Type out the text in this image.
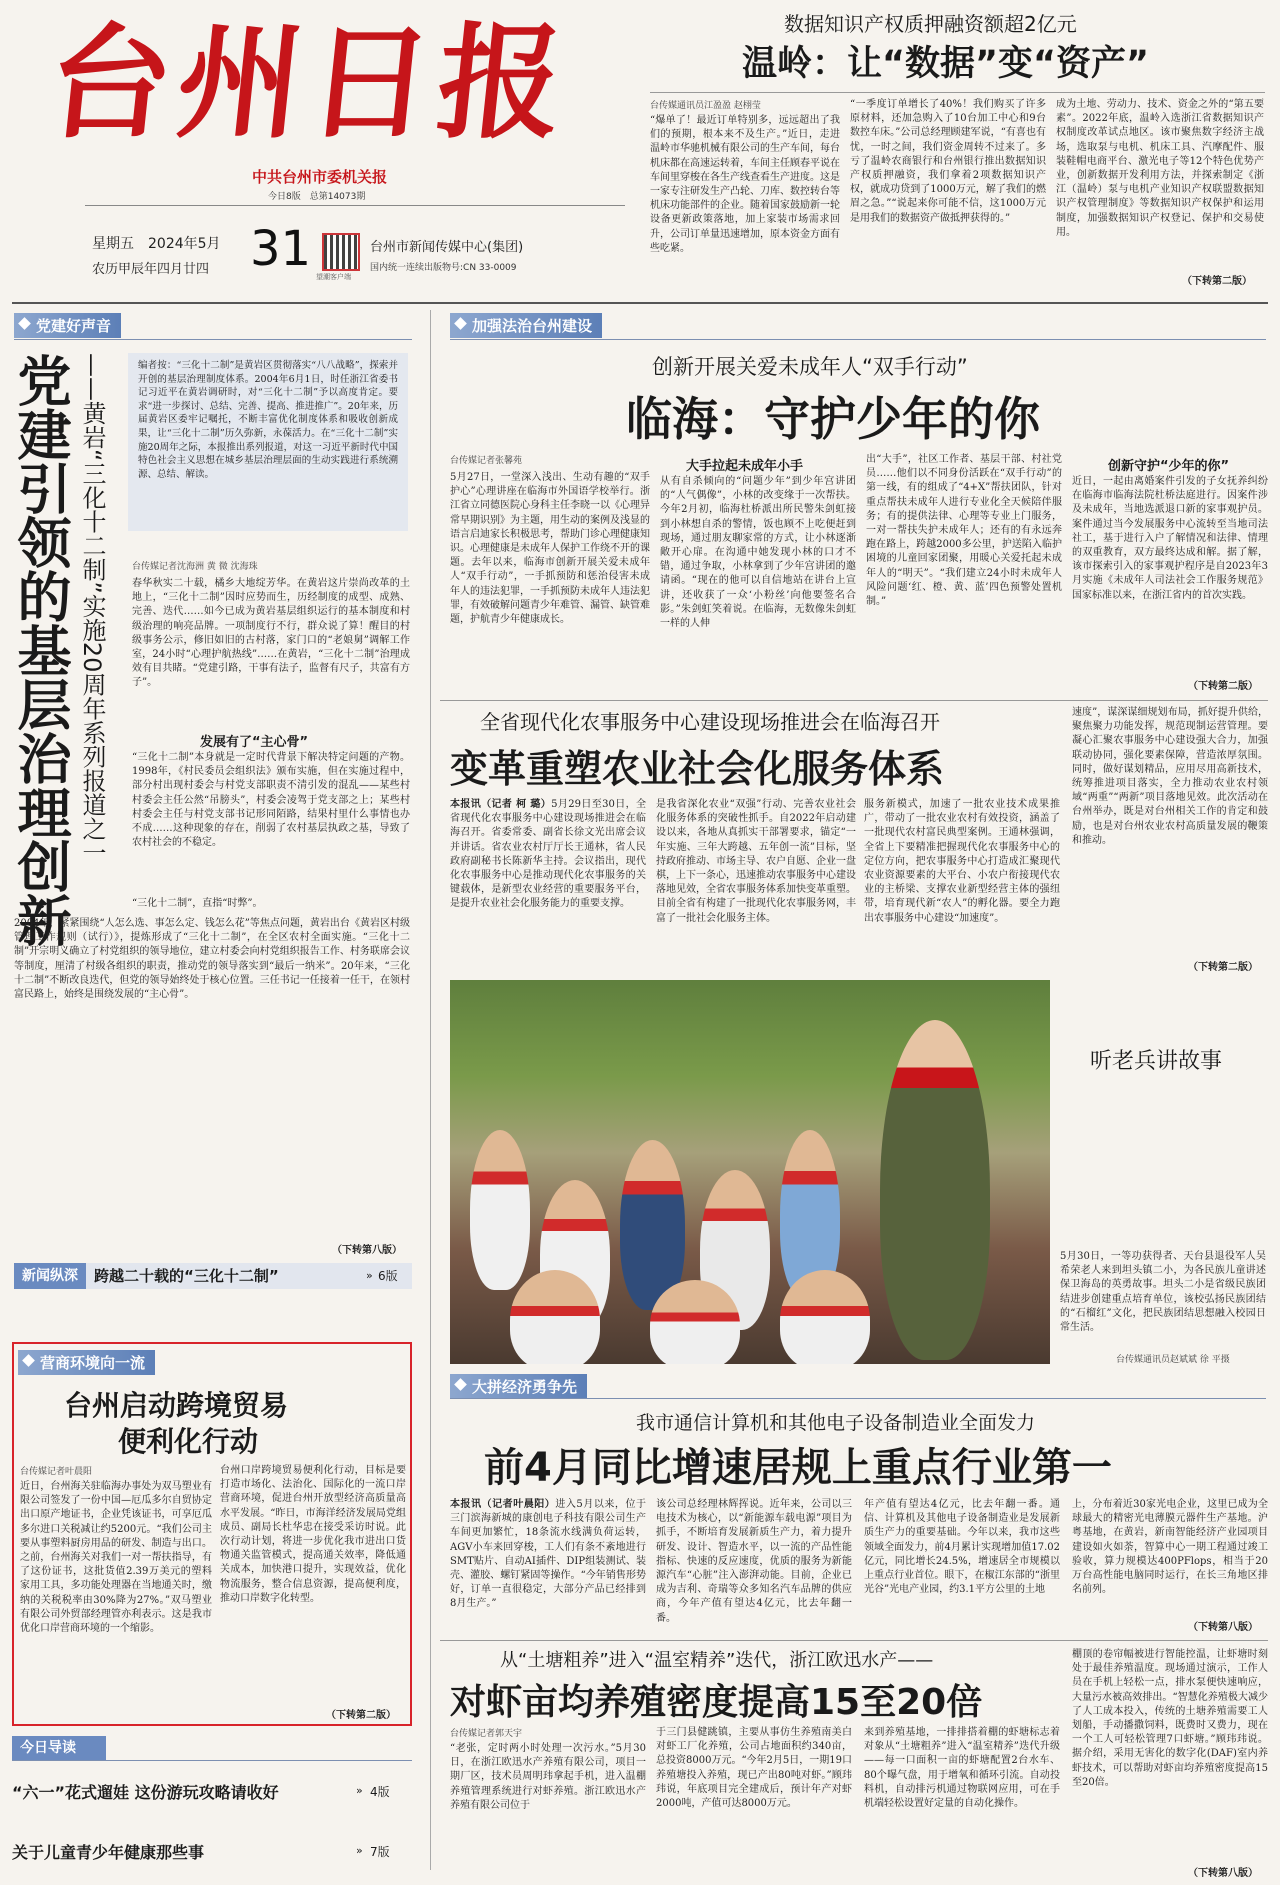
台州日报
中共台州市委机关报
今日8版　总第14073期
星期五　2024年5月
农历甲辰年四月廿四 31 望潮客户端
台州市新闻传媒中心(集团)
国内统一连续出版物号:CN 33-0009
数据知识产权质押融资额超2亿元
温岭：让“数据”变“资产”
台传媒通讯员江盈盈 赵栩莹
“爆单了！最近订单特别多，远远超出了我们的预期，根本来不及生产。”近日，走进温岭市华驰机械有限公司的生产车间，每台机床都在高速运转着，车间主任顾春平说在车间里穿梭在各生产线查看生产进度。这是一家专注研发生产凸轮、刀库、数控转台等机床功能部件的企业。随着国家鼓励新一轮设备更新政策落地，加上家装市场需求回升，公司订单量迅速增加，原本资金方面有些吃紧。
“一季度订单增长了40%！我们购买了许多原材料，还加急购入了10台加工中心和9台数控车床。”公司总经理顾建军说，“有喜也有忧，一时之间，我们资金周转不过来了。多亏了温岭农商银行和台州银行推出数据知识产权质押融资，我们拿着2项数据知识产权，就成功贷到了1000万元，解了我们的燃眉之急。”“说起来你可能不信，这1000万元是用我们的数据资产做抵押获得的。”
成为土地、劳动力、技术、资金之外的“第五要素”。2022年底，温岭入选浙江省数据知识产权制度改革试点地区。该市聚焦数字经济主战场，选取泵与电机、机床工具、汽摩配件、服装鞋帽电商平台、激光电子等12个特色优势产业，创新数据开发利用方法，并探索制定《浙江（温岭）泵与电机产业知识产权联盟数据知识产权管理制度》等数据知识产权保护和运用制度，加强数据知识产权登记、保护和交易使用。
（下转第二版）
党建好声音
党建引领的基层治理创新 ——黄岩“三化十二制”实施20周年系列报道之一	编者按：“三化十二制”是黄岩区贯彻落实“八八战略”，探索并开创的基层治理制度体系。2004年6月1日，时任浙江省委书记习近平在黄岩调研时，对“三化十二制”予以高度肯定。要求“进一步探讨、总结、完善、提高、推进推广”。20年来，历届黄岩区委牢记嘱托，不断丰富优化制度体系和吸收创新成果，让“三化十二制”历久弥新，永葆活力。在“三化十二制”实施20周年之际，本报推出系列报道，对这一习近平新时代中国特色社会主义思想在城乡基层治理层面的生动实践进行系统溯源、总结、解读。
台传媒记者沈海洲 黄 微 沈海珠
春华秋实二十载，橘乡大地绽芳华。在黄岩这片崇尚改革的土地上，“三化十二制”因时应势而生，历经制度的成型、成熟、完善、迭代……如今已成为黄岩基层组织运行的基本制度和村级治理的响亮品牌。一项制度行不行，群众说了算！醒目的村级事务公示，修旧如旧的古村落，家门口的“老娘舅”调解工作室，24小时“心理护航热线”……在黄岩，“三化十二制”治理成效有目共睹。“党建引路，干事有法子，监督有尺子，共富有方子”。
发展有了“主心骨”
“三化十二制”本身就是一定时代背景下解决特定问题的产物。1998年，《村民委员会组织法》颁布实施，但在实施过程中，部分村出现村委会与村党支部职责不清引发的混乱——某些村村委会主任公然“吊膀头”，村委会凌驾于党支部之上；某些村村委会主任与村党支部书记形同陌路，结果村里什么事情也办不成……这种现象的存在，削弱了农村基层执政之基，导致了农村社会的不稳定。
“三化十二制”，直指“时弊”。
2004年，紧紧围绕“人怎么选、事怎么定、钱怎么花”等焦点问题，黄岩出台《黄岩区村级管理工作规则（试行）》，提炼形成了“三化十二制”，在全区农村全面实施。“三化十二制”开宗明义确立了村党组织的领导地位，建立村委会向村党组织报告工作、村务联席会议等制度，厘清了村级各组织的职责，推动党的领导落实到“最后一纳米”。20年来，“三化十二制”不断改良迭代，但党的领导始终处于核心位置。三任书记一任接着一任干，在领村富民路上，始终是围绕发展的“主心骨”。
（下转第八版）
新闻纵深	跨越二十载的“三化十二制”	» 6版
营商环境向一流
台州启动跨境贸易
便利化行动
台传媒记者叶晨阳
近日，台州海关驻临海办事处为双马塑业有限公司签发了一份中国—厄瓜多尔自贸协定出口原产地证书，企业凭该证书，可享厄瓜多尔进口关税减让约5200元。“我们公司主要从事塑料厨房用品的研发、制造与出口。之前，台州海关对我们一对一帮扶指导，有了这份证书，这批货值2.39万美元的塑料家用工具，多功能处理器在当地通关时，缴纳的关税税率由30%降为27%。”双马塑业有限公司外贸部经理管亦利表示。这是我市优化口岸营商环境的一个缩影。
台州口岸跨境贸易便利化行动，目标是要打造市场化、法治化、国际化的一流口岸营商环境，促进台州开放型经济高质量高水平发展。“昨日，市海洋经济发展局党组成员、副局长杜华忠在接受采访时说。此次行动计划，将进一步优化我市进出口货物通关监管模式，提高通关效率，降低通关成本，加快港口提升，实现效益，优化物流服务，整合信息资源，提高便利度，推动口岸数字化转型。
（下转第二版）
今日导读
“六一”花式遛娃 这份游玩攻略请收好	» 4版
关于儿童青少年健康那些事	» 7版
加强法治台州建设
创新开展关爱未成年人“双手行动”
临海：守护少年的你
台传媒记者张馨苑
5月27日，一堂深入浅出、生动有趣的“双手护心”心理讲座在临海市外国语学校举行。浙江省立同德医院心身科主任李晓一以《心理异常早期识别》为主题，用生动的案例及浅显的语言启迪家长积极思考，帮助门诊心理健康知识。心理健康是未成年人保护工作绕不开的课题。去年以来，临海市创新开展关爱未成年人“双手行动”，一手抓预防和惩治侵害未成年人的违法犯罪，一手抓预防未成年人违法犯罪，有效破解问题青少年难管、漏管、缺管难题，护航青少年健康成长。
大手拉起未成年小手
从有自杀倾向的“问题少年”到少年宫讲团的“人气偶像”，小林的改变缘于一次帮扶。今年2月初，临海杜桥派出所民警朱剑虹接到小林想自杀的警情，饭也顾不上吃便赶到现场，通过朋友聊家常的方式，让小林逐渐敞开心扉。在沟通中她发现小林的口才不错，通过争取，小林拿到了少年宫讲团的邀请函。“现在的他可以自信地站在讲台上宣讲，还收获了一众‘小粉丝’向他要签名合影。”朱剑虹笑着说。在临海，无数像朱剑虹一样的人伸
出“大手”，社区工作者、基层干部、村社党员……他们以不同身份活跃在“双手行动”的第一线，有的组成了“4+X”帮扶团队，针对重点帮扶未成年人进行专业化全天候陪伴服务；有的提供法律、心理等专业上门服务，一对一帮扶失护未成年人；还有的有永远奔跑在路上，跨越2000多公里，护送陷入临护困境的儿童回家团聚，用暖心关爱托起未成年人的“明天”。“我们建立24小时未成年人风险问题‘红、橙、黄、蓝’四色预警处置机制。”
创新守护“少年的你”
近日，一起由离婚案件引发的子女抚养纠纷在临海市临海法院杜桥法庭进行。因案件涉及未成年，当地选派退口新的家事观护员。案件通过当今发展服务中心流转至当地司法社工，基于进行入户了解情况和法律、情理的双重教育，双方最终达成和解。据了解，该市探索引入的家事观护程序是自2023年3月实施《未成年人司法社会工作服务规范》国家标准以来，在浙江省内的首次实践。
（下转第二版）
全省现代化农事服务中心建设现场推进会在临海召开
变革重塑农业社会化服务体系
本报讯（记者 柯 璐）5月29日至30日，全省现代化农事服务中心建设现场推进会在临海召开。省委常委、副省长徐文光出席会议并讲话。省农业农村厅厅长王通林，省人民政府副秘书长陈新华主持。会议指出，现代化农事服务中心是推动现代化农事服务的关键载体，是新型农业经营的重要服务平台，是提升农业社会化服务能力的重要支撑。
是我省深化农业“双强”行动、完善农业社会化服务体系的突破性抓手。自2022年启动建设以来，各地从真抓实干部署要求，锚定“一年实施、三年大跨越、五年创一流”目标，坚持政府推动、市场主导、农户自愿、企业一盘棋，上下一条心，迅速推动农事服务中心建设落地见效，全省农事服务体系加快变革重塑。目前全省有构建了一批现代化农事服务网，丰富了一批社会化服务主体。
服务新模式，加速了一批农业技术成果推广，带动了一批农业农村有效投资，涵盖了一批现代农村富民典型案例。王通林强调，全省上下要精准把握现代化农事服务中心的定位方向，把农事服务中心打造成汇聚现代农业资源要素的大平台、小农户衔接现代农业的主桥梁、支撑农业新型经营主体的强纽带，培育现代新“农人”的孵化器。要全力跑出农事服务中心建设“加速度”。
速度”，谋深谋细规划布局，抓好提升供给，聚焦聚力功能发挥，规范现制运营管理。要凝心汇聚农事服务中心建设强大合力，加强联动协同，强化要素保障，营造浓厚氛围。同时，做好谋划精品，应用尽用高新技术，统筹推进项目落实，全力推动农业农村领域“两重”“两新”项目落地见效。此次活动在台州举办，既是对台州相关工作的肯定和鼓励，也是对台州农业农村高质量发展的鞭策和推动。
（下转第二版）
听老兵讲故事
5月30日，一等功获得者、天台县退役军人吴希荣老人来到坦头镇二小，为各民族儿童讲述保卫海岛的英勇故事。坦头二小是省级民族团结进步创建重点培育单位，该校弘扬民族团结的“石榴红”文化，把民族团结思想融入校园日常生活。
台传媒通讯员赵斌斌 徐 平摄
大拼经济勇争先
我市通信计算机和其他电子设备制造业全面发力
前4月同比增速居规上重点行业第一
本报讯（记者叶晨阳）进入5月以来，位于三门滨海新城的康创电子科技有限公司生产车间更加繁忙，18条流水线满负荷运转，AGV小车来回穿梭，工人们有条不紊地进行SMT贴片、自动AI插件、DIP组装测试、装壳、灌胶、螺钉紧固等操作。“今年销售形势好，订单一直很稳定，大部分产品已经排到8月生产。”
该公司总经理林辉挥说。近年来，公司以三电技术为核心，以“新能源车载电源”项目为抓手，不断培育发展新质生产力，着力提升研发、设计、智造水平，以一流的产品性能指标、快速的反应速度，优质的服务为新能源汽车“心脏”注入澎湃动能。目前，企业已成为吉利、奇瑞等众多知名汽车品牌的供应商，今年产值有望达4亿元，比去年翻一番。
年产值有望达4亿元，比去年翻一番。通信、计算机及其他电子设备制造业是发展新质生产力的重要基础。今年以来，我市这些领域全面发力，前4月累计实现增加值17.02亿元，同比增长24.5%，增速居全市规模以上重点行业首位。眼下，在椒江东部的“浙里光谷”光电产业园，约3.1平方公里的土地
上，分布着近30家光电企业，这里已成为全球最大的精密光电薄膜元器件生产基地。沪粤基地，在黄岩，新南智能经济产业园项目建设如火如荼，智算中心一期工程通过竣工验收，算力规模达400PFlops，相当于20万台高性能电脑同时运行，在长三角地区排名前列。
（下转第八版）
从“土塘粗养”进入“温室精养”迭代，浙江欧迅水产——
对虾亩均养殖密度提高15至20倍
台传媒记者郭天宇
“老张，定时两小时处理一次污水。”5月30日，在浙江欧迅水产养殖有限公司，项目一期厂区，技术员周明玮拿起手机，进入温棚养殖管理系统进行对虾养殖。浙江欧迅水产养殖有限公司位于
于三门县健跳镇，主要从事仿生养殖南美白对虾工厂化养殖，公司占地面积约340亩，总投资8000万元。“今年2月5日，一期19口养殖塘投入养殖，现已产出80吨对虾。”顾玮玮说，年底项目完全建成后，预计年产对虾2000吨，产值可达8000万元。
来到养殖基地，一排排搭着棚的虾塘标志着对象从“土塘粗养”进入“温室精养”迭代升级——每一口面积一亩的虾塘配置2台水车、80个曝气盘，用于增氧和循环引流。自动投料机，自动排污机通过物联网应用，可在手机端轻松设置好定量的自动化操作。
棚顶的卷帘幅被进行智能控温，让虾塘时刻处于最佳养殖温度。现场通过演示，工作人员在手机上轻松一点，排水泵便快速响应，大量污水被高效排出。“智慧化养殖极大减少了人工成本投入，传统的土塘养殖需要工人划船，手动播撒饲料，既费时又费力，现在一个工人可轻松管理7口虾塘。”顾玮玮说。据介绍，采用无害化的数字化(DAF)室内养虾技术，可以帮助对虾亩均养殖密度提高15至20倍。
（下转第八版）
